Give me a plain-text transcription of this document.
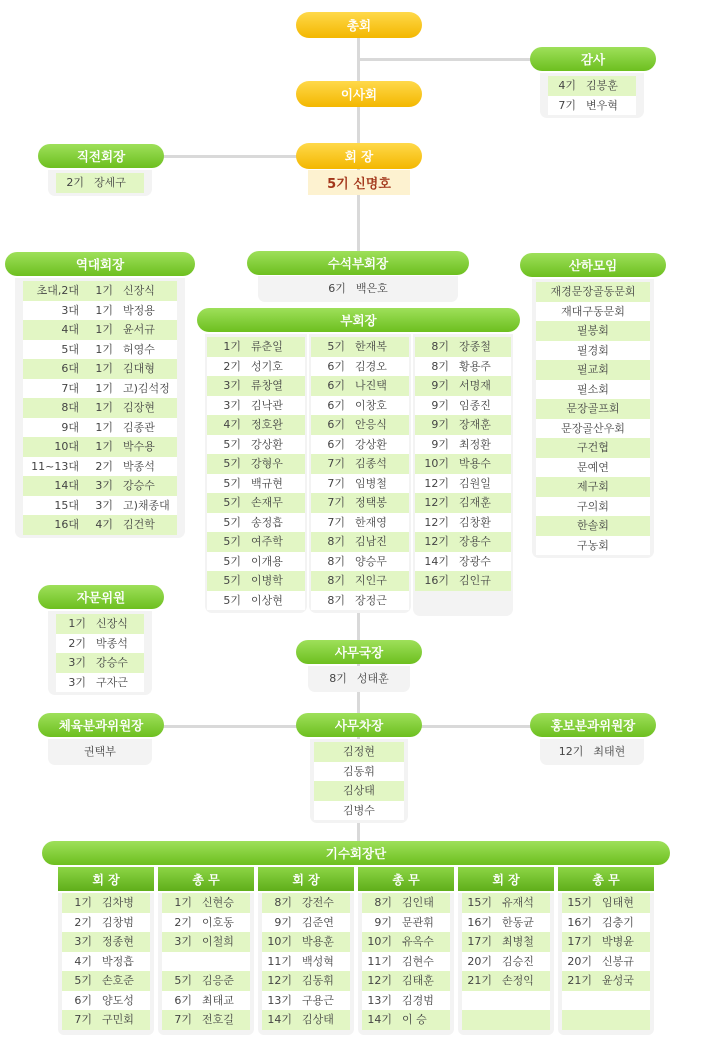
총회
이사회
회 장
5기 신명호
감사
4기 김봉훈
7기 변우혁
직전회장
2기 장세구
역대회장
초대,2대 1기 신장식
3대 1기 박정용
4대 1기 윤서규
5대 1기 허영수
6대 1기 김대형
7대 1기 고)김석정
8대 1기 김장현
9대 1기 김종관
10대 1기 박수용
11~13대 2기 박종석
14대 3기 강승수
15대 3기 고)채종대
16대 4기 김건학
수석부회장
6기 백은호
부회장
1기 류춘일
2기 성기호
3기 류창열
3기 김낙관
4기 정호완
5기 강상환
5기 강형우
5기 백규현
5기 손재무
5기 송정흡
5기 여주학
5기 이개용
5기 이병학
5기 이상현
5기 한재복
6기 김경오
6기 나진택
6기 이창호
6기 안응식
6기 강상환
7기 김종석
7기 임병철
7기 정택봉
7기 한재영
8기 김남진
8기 양승무
8기 지인구
8기 장정근
8기 장종철
8기 황용주
9기 서명재
9기 임종진
9기 장재훈
9기 최정환
10기 박용수
12기 김원일
12기 김재훈
12기 김창환
12기 장용수
14기 장광수
16기 김인규
산하모임
재경문장골동문회
재대구동문회
필봉회
필경회
필교회
필소회
문장골프회
문장골산우회
구건협
문예연
제구회
구의회
한솔회
구농회
자문위원
1기 신장식
2기 박종석
3기 강승수
3기 구자근
사무국장
8기 성태훈
사무차장
김정현
김동휘
김상태
김병수
체육분과위원장
권택부
홍보분과위원장
12기 최태현
기수회장단
회 장
1기 김차병
2기 김창범
3기 정종현
4기 박정흡
5기 손호준
6기 양도성
7기 구민회
총 무
1기 신현승
2기 이호동
3기 이철희
5기 김응준
6기 최태교
7기 전호길
회 장
8기 강전수
9기 김준연
10기 박용훈
11기 백성혁
12기 김동휘
13기 구용근
14기 김상태
총 무
8기 김인태
9기 문관휘
10기 유옥수
11기 김현수
12기 김태훈
13기 김경범
14기 이 승
회 장
15기 유재석
16기 한동균
17기 최병철
20기 김승진
21기 손정익
총 무
15기 임태현
16기 김충기
17기 박병윤
20기 신봉규
21기 윤성국
